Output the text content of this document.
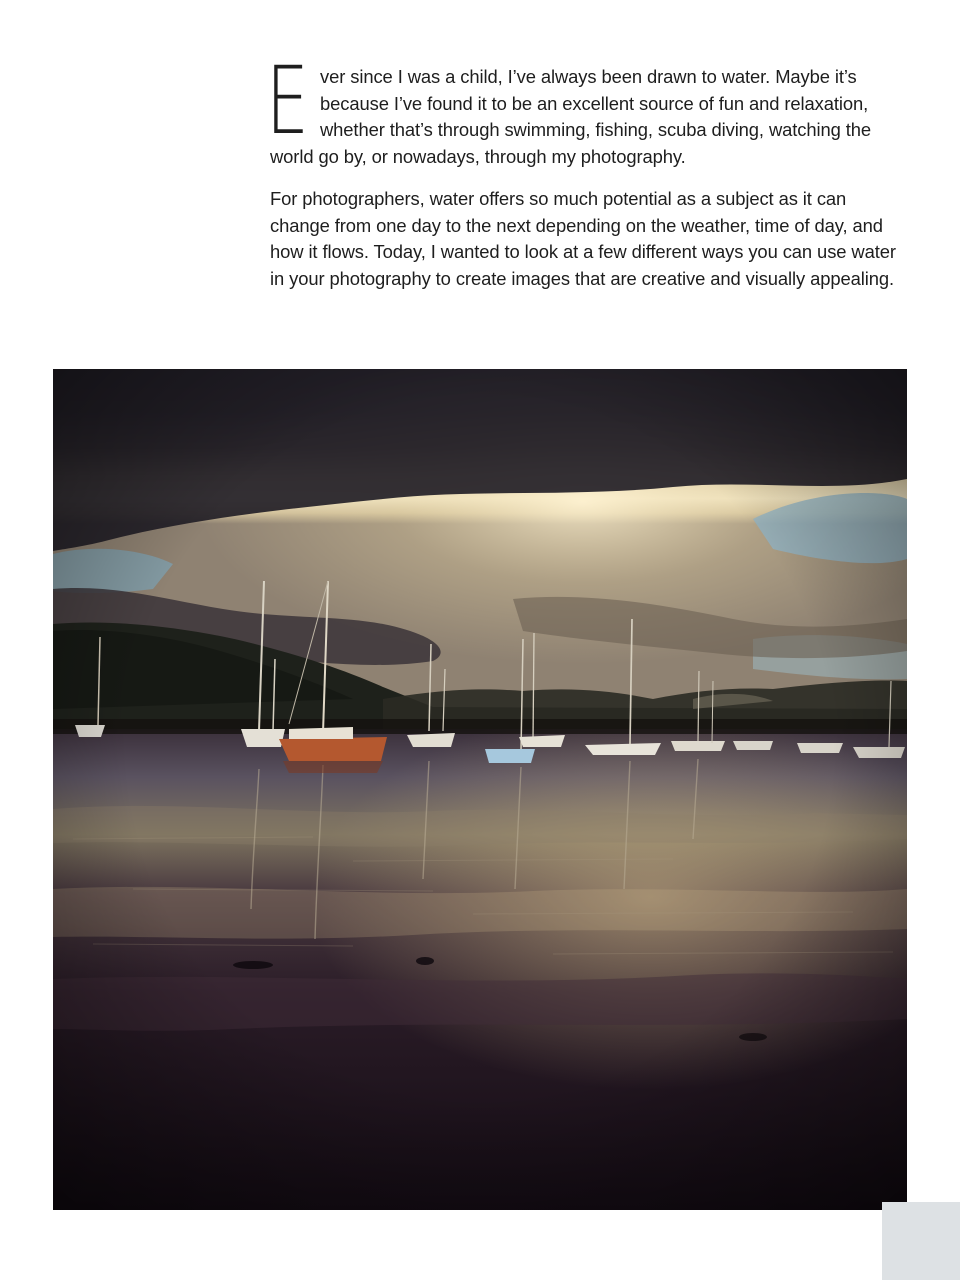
Ever since I was a child, I’ve always been drawn to water. Maybe it’s because I’ve found it to be an excellent source of fun and relaxation, whether that’s through swimming, fishing, scuba diving, watching the world go by, or nowadays, through my photography.

For photographers, water offers so much potential as a subject as it can change from one day to the next depending on the weather, time of day, and how it flows. Today, I wanted to look at a few different ways you can use water in your photography to create images that are creative and visually appealing.
